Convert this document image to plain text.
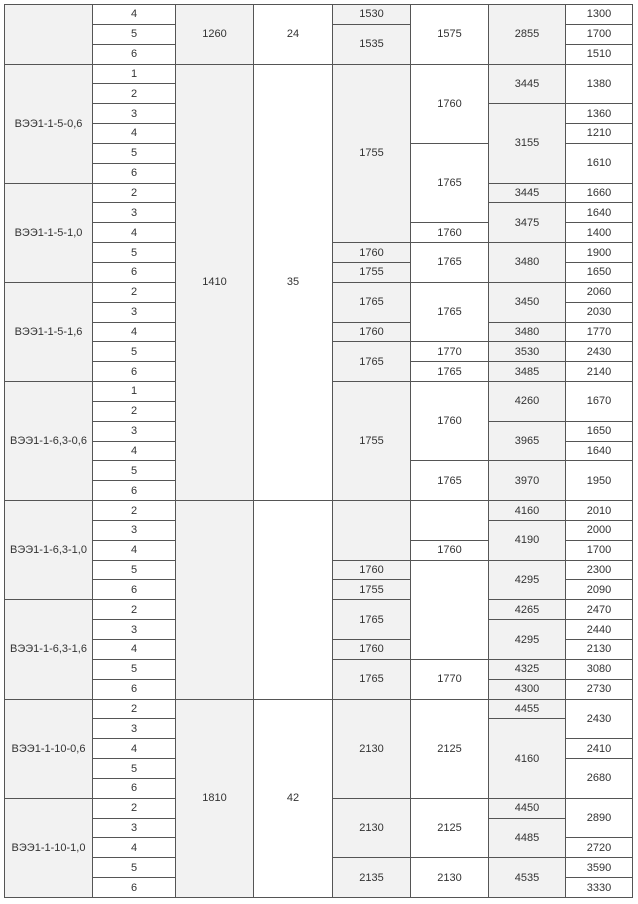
ВЭЭ1-1-5-0,6
ВЭЭ1-1-5-1,0
ВЭЭ1-1-5-1,6
ВЭЭ1-1-6,3-0,6
ВЭЭ1-1-6,3-1,0
ВЭЭ1-1-6,3-1,6
ВЭЭ1-1-10-0,6
ВЭЭ1-1-10-1,0
4
5
6
1
2
3
4
5
6
2
3
4
5
6
2
3
4
5
6
1
2
3
4
5
6
2
3
4
5
6
2
3
4
5
6
2
3
4
5
6
2
3
4
5
6
1260
1410
1810
24
35
42
1530
1535
1755
1760
1755
1765
1760
1765
1755
1760
1755
1765
1760
1765
2130
2130
2135
1575
1760
1765
1760
1765
1765
1770
1765
1760
1765
1760
1770
2125
2125
2130
2855
3445
3155
3445
3475
3480
3450
3480
3530
3485
4260
3965
3970
4160
4190
4295
4265
4295
4325
4300
4455
4160
4450
4485
4535
1300
1700
1510
1380
1360
1210
1610
1660
1640
1400
1900
1650
2060
2030
1770
2430
2140
1670
1650
1640
1950
2010
2000
1700
2300
2090
2470
2440
2130
3080
2730
2430
2410
2680
2890
2720
3590
3330
